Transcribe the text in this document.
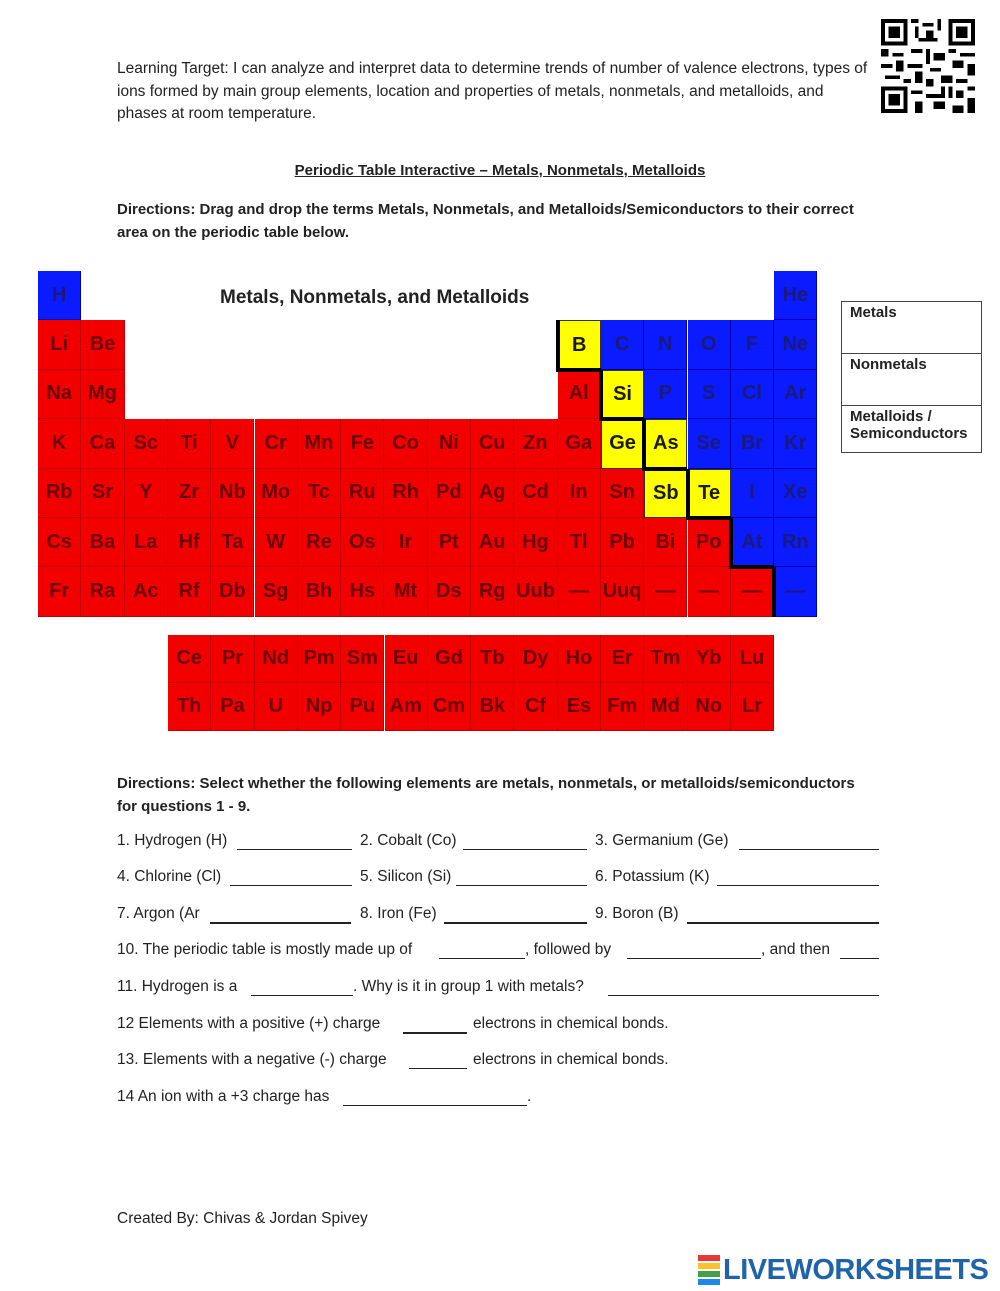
Learning Target: I can analyze and interpret data to determine trends of number of valence electrons, types of ions formed by main group elements, location and properties of metals, nonmetals, and metalloids, and phases at room temperature.
Periodic Table Interactive – Metals, Nonmetals, Metalloids
Directions: Drag and drop the terms Metals, Nonmetals, and Metalloids/Semiconductors to their correct area on the periodic table below.
H	He
Li	Be	B	C	N	O	F	Ne
Na Mg	Al	Si	P	S	Cl	Ar
K	Ca Sc	Ti	V	Cr Mn Fe Co Ni Cu Zn Ga Ge As Se Br	Kr
Rb Sr	Y	Zr Nb Mo Tc Ru Rh Pd Ag Cd	In	Sn Sb Te	I	Xe
Cs Ba La	Hf	Ta	W	Re Os	Ir	Pt Au Hg	Tl	Pb	Bi	Po At Rn
Fr	Ra Ac Rf Db Sg Bh Hs Mt Ds Rg Uub — Uuq —	—	—	—
Metals, Nonmetals, and Metalloids
Ce Pr Nd Pm Sm Eu Gd Tb Dy Ho Er Tm Yb Lu
Th Pa	U	Np Pu Am Cm Bk Cf	Es Fm Md No Lr
Metals
Nonmetals
Metalloids / Semiconductors
Directions: Select whether the following elements are metals, nonmetals, or metalloids/semiconductors for questions 1 - 9.
1. Hydrogen (H)	2. Cobalt (Co)	3. Germanium (Ge)
4. Chlorine (Cl)	5. Silicon (Si)	6. Potassium (K)
7. Argon (Ar	8. Iron (Fe)	9. Boron (B)
10. The periodic table is mostly made up of	, followed by	, and then
11. Hydrogen is a	. Why is it in group 1 with metals?
12 Elements with a positive (+) charge	electrons in chemical bonds.
13. Elements with a negative (-) charge	electrons in chemical bonds.
14 An ion with a +3 charge has	.
Created By: Chivas & Jordan Spivey
LIVEWORKSHEETS
